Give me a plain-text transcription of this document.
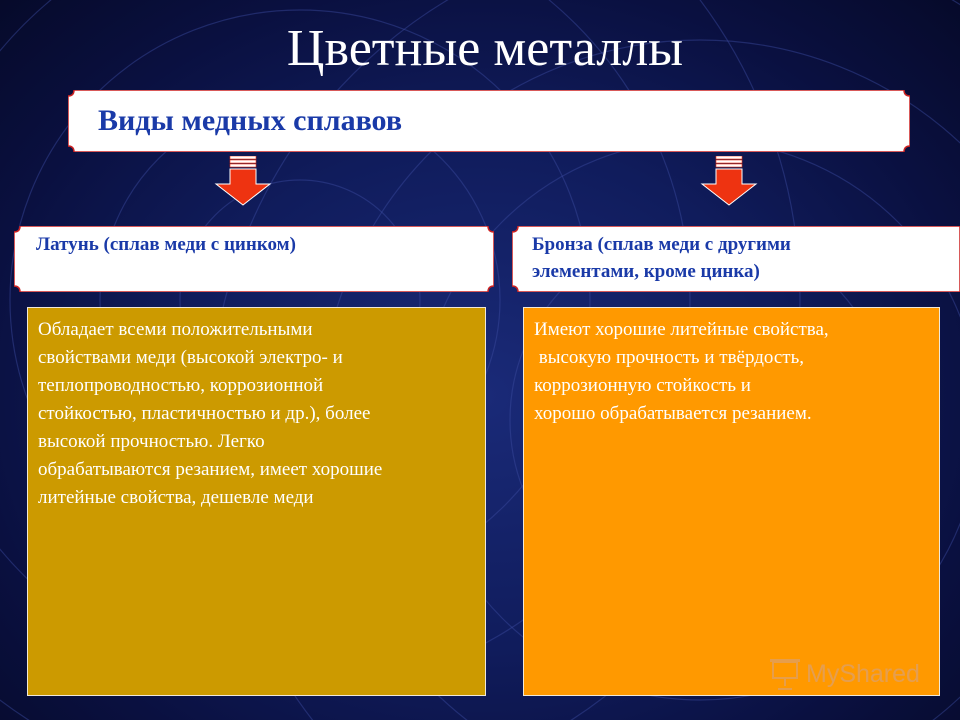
Цветные металлы
Виды медных сплавов
Латунь (сплав меди с цинком)	Бронза (сплав меди с другими
элементами, кроме цинка)
Обладает всеми положительными
свойствами меди (высокой электро- и
теплопроводностью, коррозионной
стойкостью, пластичностью и др.), более
высокой прочностью. Легко
обрабатываются резанием, имеет хорошие
литейные свойства, дешевле меди
Имеют хорошие литейные свойства,
высокую прочность и твёрдость,
коррозионную стойкость и
хорошо обрабатывается резанием.
MyShared
